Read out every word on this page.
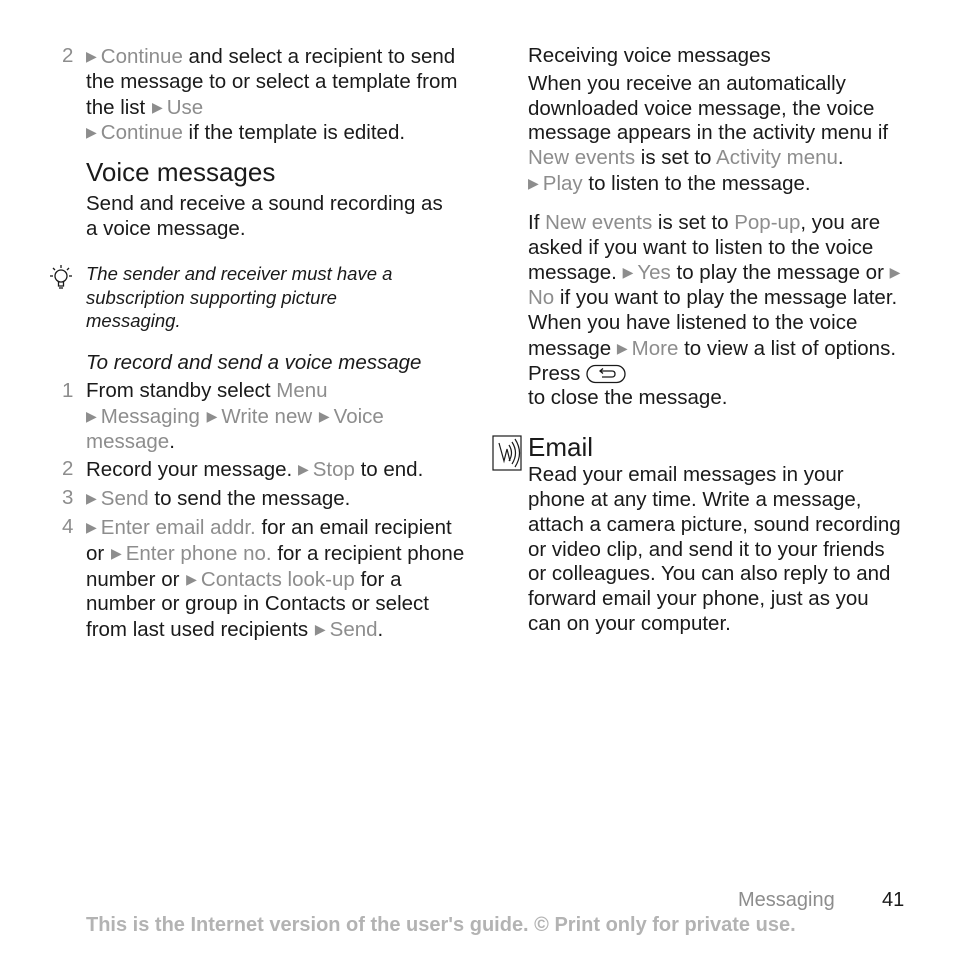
2 ▶ Continue and select a recipient to send the message to or select a template from the list ▶ Use
▶ Continue if the template is edited.
Voice messages

Send and receive a sound recording as a voice message.

The sender and receiver must have a subscription supporting picture messaging.
To record and send a voice message
1 From standby select Menu
▶ Messaging ▶ Write new ▶ Voice message.
2 Record your message. ▶ Stop to end.
3 ▶ Send to send the message.
4 ▶ Enter email addr. for an email recipient or ▶ Enter phone no. for a recipient phone number or ▶ Contacts look-up for a number or group in Contacts or select from last used recipients ▶ Send.
Receiving voice messages

When you receive an automatically downloaded voice message, the voice message appears in the activity menu if New events is set to Activity menu.
▶ Play to listen to the message.

If New events is set to Pop-up, you are asked if you want to listen to the voice message. ▶ Yes to play the message or ▶No if you want to play the message later. When you have listened to the voice message ▶ More to view a list of options. Press
to close the message.

Email

Read your email messages in your phone at any time. Write a message, attach a camera picture, sound recording or video clip, and send it to your friends or colleagues. You can also reply to and forward email your phone, just as you can on your computer.

Messaging 41
This is the Internet version of the user's guide. © Print only for private use.
